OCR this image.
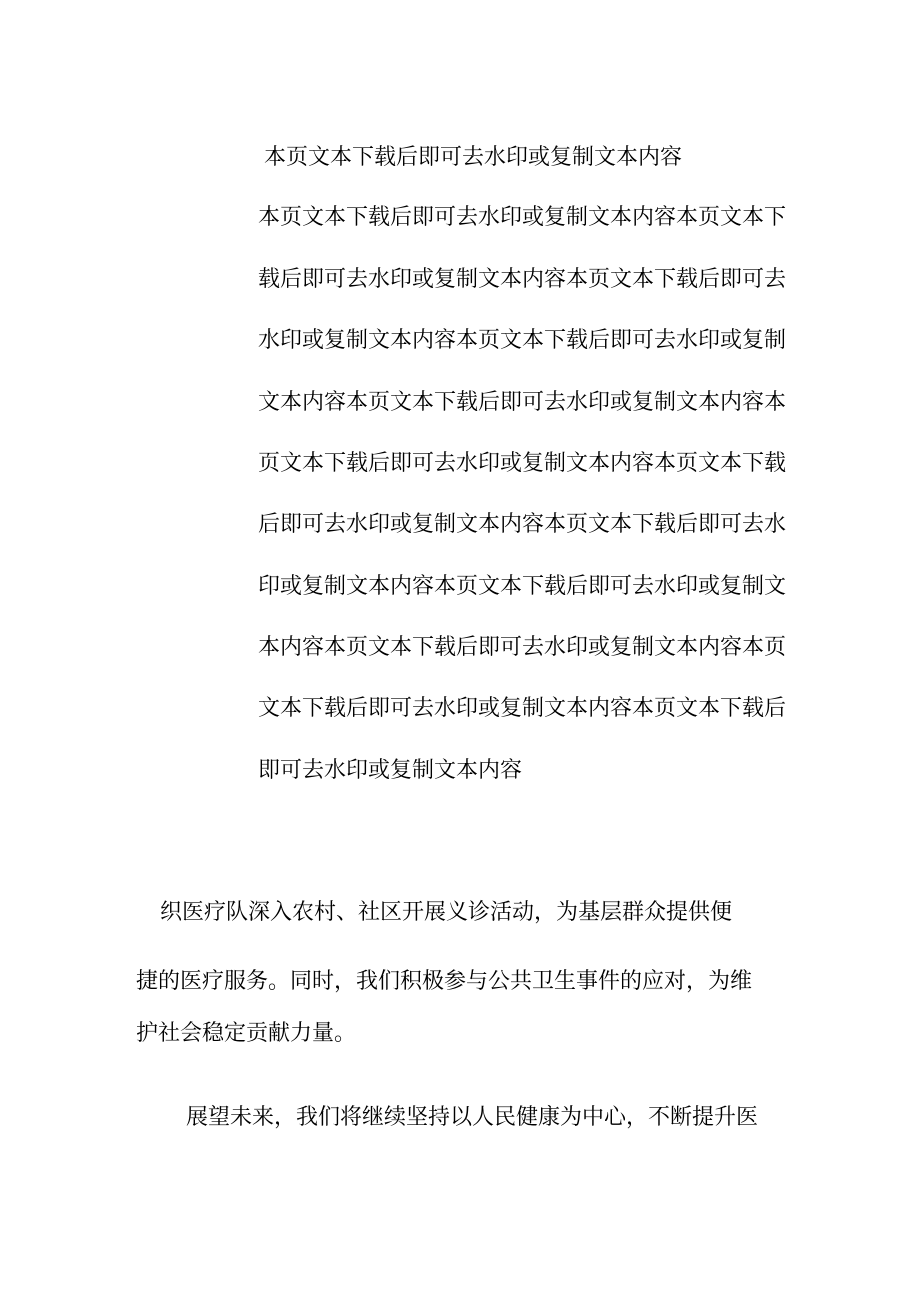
本页文本下载后即可去水印或复制文本内容
本页文本下载后即可去水印或复制文本内容本页文本下
载后即可去水印或复制文本内容本页文本下载后即可去
水印或复制文本内容本页文本下载后即可去水印或复制
文本内容本页文本下载后即可去水印或复制文本内容本
页文本下载后即可去水印或复制文本内容本页文本下载
后即可去水印或复制文本内容本页文本下载后即可去水
印或复制文本内容本页文本下载后即可去水印或复制文
本内容本页文本下载后即可去水印或复制文本内容本页
文本下载后即可去水印或复制文本内容本页文本下载后
即可去水印或复制文本内容
织医疗队深入农村、社区开展义诊活动，为基层群众提供便
捷的医疗服务。同时，我们积极参与公共卫生事件的应对，为维
护社会稳定贡献力量。
展望未来，我们将继续坚持以人民健康为中心，不断提升医
